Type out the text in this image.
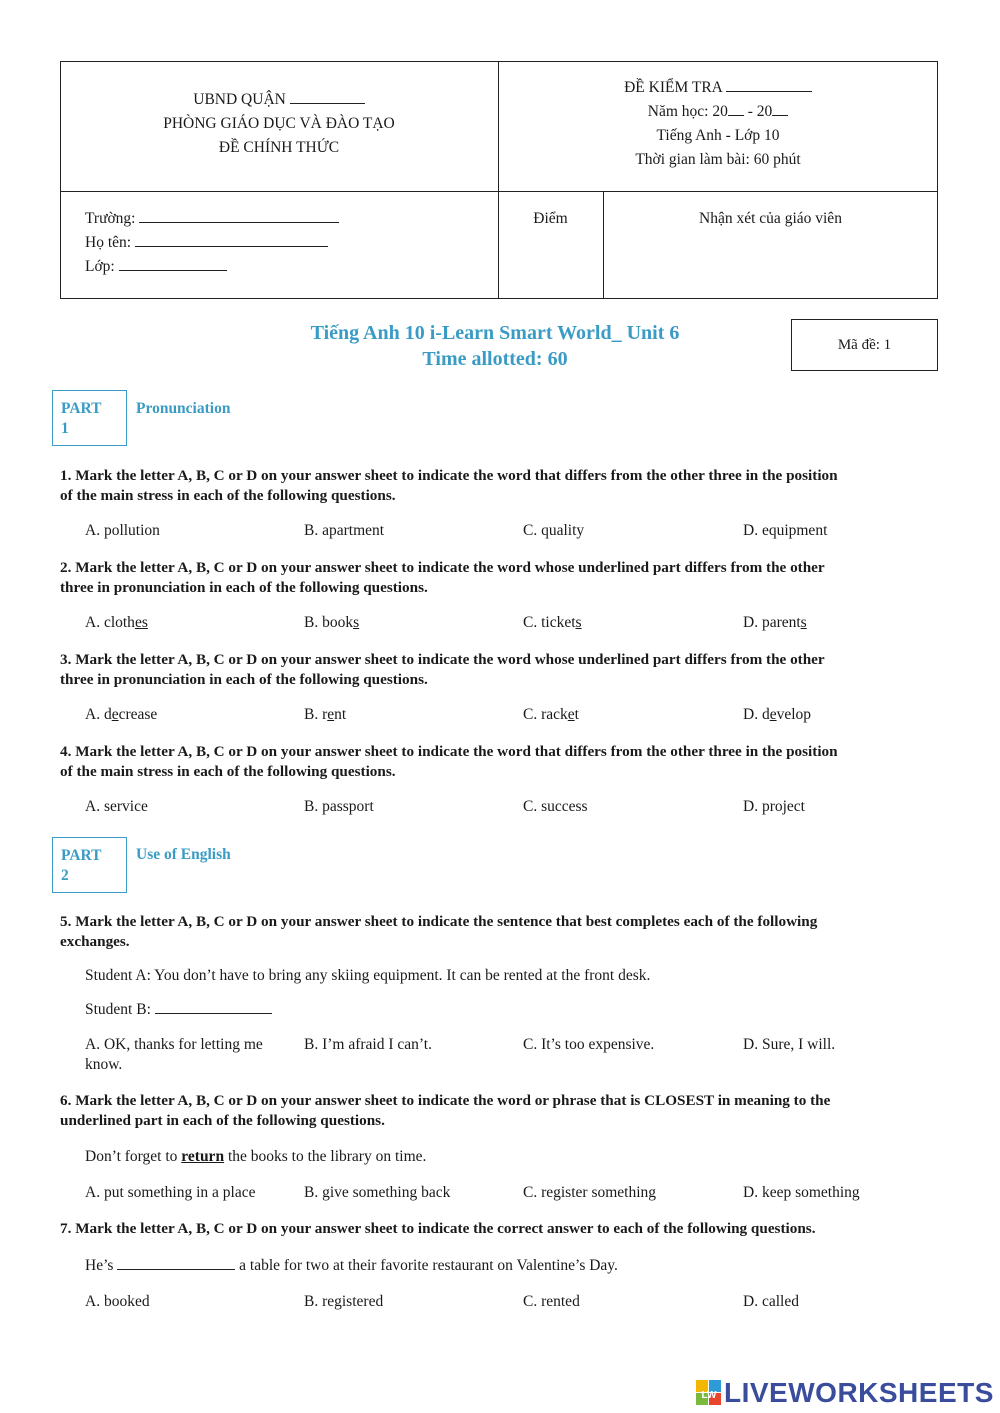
UBND QUẬN
PHÒNG GIÁO DỤC VÀ ĐÀO TẠO
ĐỀ CHÍNH THỨC
ĐỀ KIỂM TRA
Năm học: 20 - 20
Tiếng Anh - Lớp 10
Thời gian làm bài: 60 phút
Trường:
Họ tên:
Lớp:
Điểm	Nhận xét của giáo viên
Tiếng Anh 10 i-Learn Smart World_ Unit 6
Time allotted: 60
Mã đề: 1
PART
1
Pronunciation
1. Mark the letter A, B, C or D on your answer sheet to indicate the word that differs from the other three in the position
of the main stress in each of the following questions.
A. pollution	B. apartment	C. quality	D. equipment
2. Mark the letter A, B, C or D on your answer sheet to indicate the word whose underlined part differs from the other
three in pronunciation in each of the following questions.
A. clothes	B. books	C. tickets	D. parents
3. Mark the letter A, B, C or D on your answer sheet to indicate the word whose underlined part differs from the other
three in pronunciation in each of the following questions.
A. decrease	B. rent	C. racket	D. develop
4. Mark the letter A, B, C or D on your answer sheet to indicate the word that differs from the other three in the position
of the main stress in each of the following questions.
A. service	B. passport	C. success	D. project
PART
2
Use of English
5. Mark the letter A, B, C or D on your answer sheet to indicate the sentence that best completes each of the following
exchanges.
Student A: You don’t have to bring any skiing equipment. It can be rented at the front desk.
Student B:
A. OK, thanks for letting me
know.
B. I’m afraid I can’t.	C. It’s too expensive.	D. Sure, I will.
6. Mark the letter A, B, C or D on your answer sheet to indicate the word or phrase that is CLOSEST in meaning to the
underlined part in each of the following questions.
Don’t forget to return the books to the library on time.
A. put something in a place	B. give something back	C. register something	D. keep something
7. Mark the letter A, B, C or D on your answer sheet to indicate the correct answer to each of the following questions.
He’s	a table for two at their favorite restaurant on Valentine’s Day.
A. booked	B. registered	C. rented	D. called
LW LIVEWORKSHEETS
